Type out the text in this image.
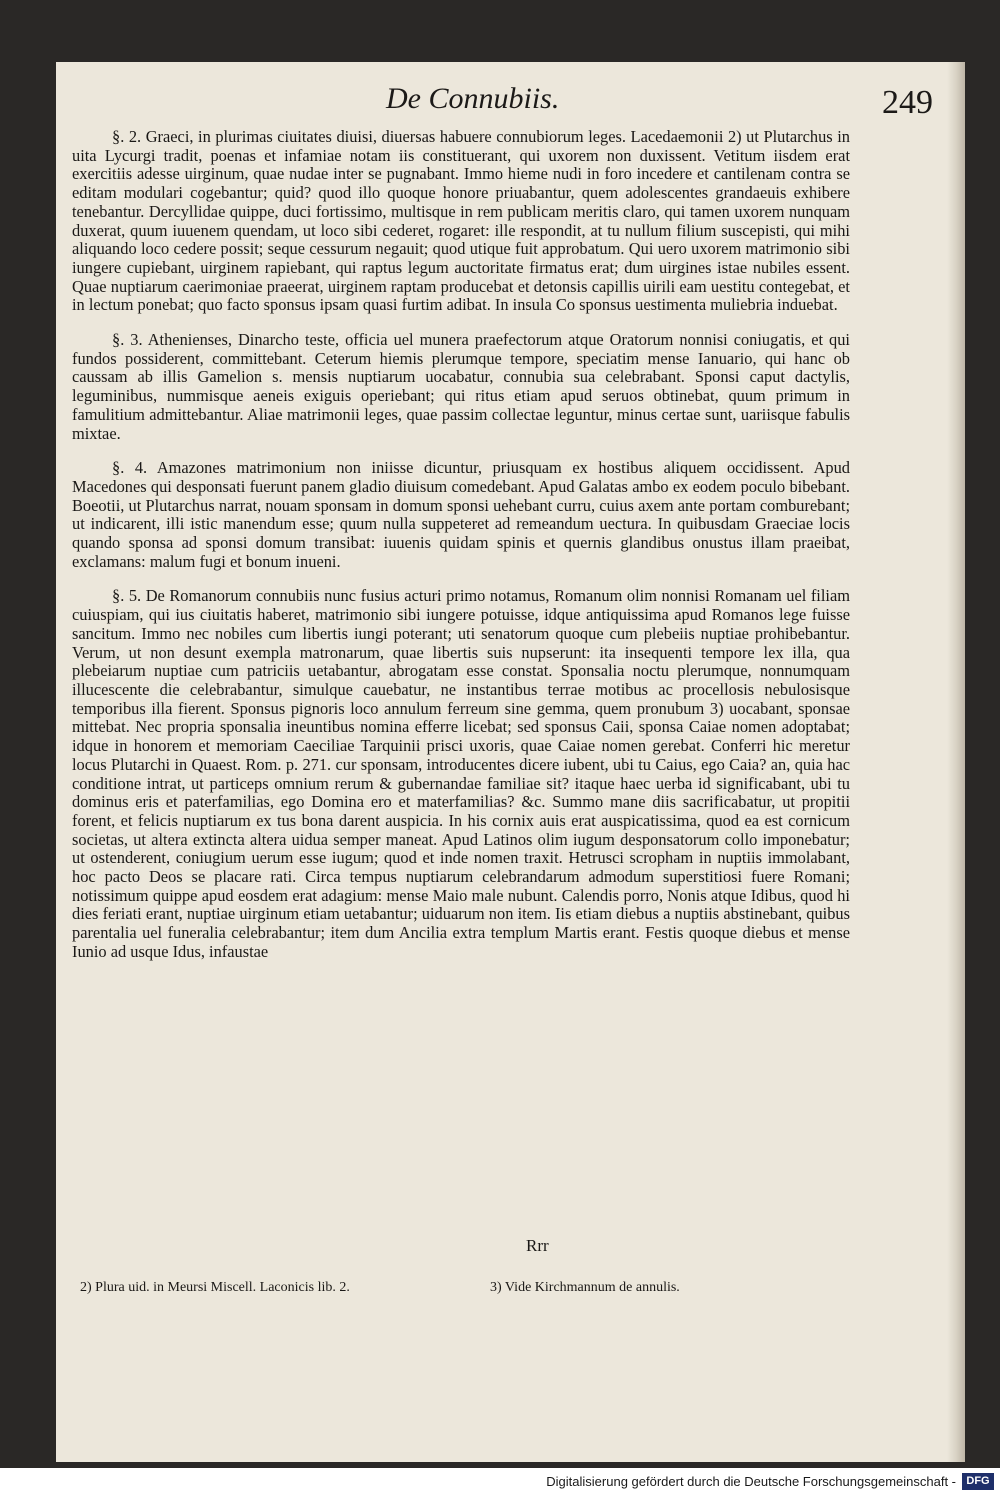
De Connubiis.	249

§. 2. Graeci, in plurimas ciuitates diuisi, diuersas habuere connubiorum leges. Lacedaemonii 2) ut Plutarchus in uita Lycurgi tradit, poenas et infamiae notam iis constituerant, qui uxorem non duxissent. Vetitum iisdem erat exercitiis adesse uirginum, quae nudae inter se pugnabant. Immo hieme nudi in foro incedere et cantilenam contra se editam modulari cogebantur; quid? quod illo quoque honore priuabantur, quem adolescentes grandaeuis exhibere tenebantur. Dercyllidae quippe, duci fortissimo, multisque in rem publicam meritis claro, qui tamen uxorem nunquam duxerat, quum iuuenem quendam, ut loco sibi cederet, rogaret: ille respondit, at tu nullum filium suscepisti, qui mihi aliquando loco cedere possit; seque cessurum negauit; quod utique fuit approbatum. Qui uero uxorem matrimonio sibi iungere cupiebant, uirginem rapiebant, qui raptus legum auctoritate firmatus erat; dum uirgines istae nubiles essent. Quae nuptiarum caerimoniae praeerat, uirginem raptam producebat et detonsis capillis uirili eam uestitu contegebat, et in lectum ponebat; quo facto sponsus ipsam quasi furtim adibat. In insula Co sponsus uestimenta muliebria induebat.

§. 3. Athenienses, Dinarcho teste, officia uel munera praefectorum atque Oratorum nonnisi coniugatis, et qui fundos possiderent, committebant. Ceterum hiemis plerumque tempore, speciatim mense Ianuario, qui hanc ob caussam ab illis Gamelion s. mensis nuptiarum uocabatur, connubia sua celebrabant. Sponsi caput dactylis, leguminibus, nummisque aeneis exiguis operiebant; qui ritus etiam apud seruos obtinebat, quum primum in famulitium admittebantur. Aliae matrimonii leges, quae passim collectae leguntur, minus certae sunt, uariisque fabulis mixtae.

§. 4. Amazones matrimonium non iniisse dicuntur, priusquam ex hostibus aliquem occidissent. Apud Macedones qui desponsati fuerunt panem gladio diuisum comedebant. Apud Galatas ambo ex eodem poculo bibebant. Boeotii, ut Plutarchus narrat, nouam sponsam in domum sponsi uehebant curru, cuius axem ante portam comburebant; ut indicarent, illi istic manendum esse; quum nulla suppeteret ad remeandum uectura. In quibusdam Graeciae locis quando sponsa ad sponsi domum transibat: iuuenis quidam spinis et quernis glandibus onustus illam praeibat, exclamans: malum fugi et bonum inueni.

§. 5. De Romanorum connubiis nunc fusius acturi primo notamus, Romanum olim nonnisi Romanam uel filiam cuiuspiam, qui ius ciuitatis haberet, matrimonio sibi iungere potuisse, idque antiquissima apud Romanos lege fuisse sancitum. Immo nec nobiles cum libertis iungi poterant; uti senatorum quoque cum plebeiis nuptiae prohibebantur. Verum, ut non desunt exempla matronarum, quae libertis suis nupserunt: ita insequenti tempore lex illa, qua plebeiarum nuptiae cum patriciis uetabantur, abrogatam esse constat. Sponsalia noctu plerumque, nonnumquam illucescente die celebrabantur, simulque cauebatur, ne instantibus terrae motibus ac procellosis nebulosisque temporibus illa fierent. Sponsus pignoris loco annulum ferreum sine gemma, quem pronubum 3) uocabant, sponsae mittebat. Nec propria sponsalia ineuntibus nomina efferre licebat; sed sponsus Caii, sponsa Caiae nomen adoptabat; idque in honorem et memoriam Caeciliae Tarquinii prisci uxoris, quae Caiae nomen gerebat. Conferri hic meretur locus Plutarchi in Quaest. Rom. p. 271. cur sponsam, introducentes dicere iubent, ubi tu Caius, ego Caia? an, quia hac conditione intrat, ut particeps omnium rerum & gubernandae familiae sit? itaque haec uerba id significabant, ubi tu dominus eris et paterfamilias, ego Domina ero et materfamilias? &c. Summo mane diis sacrificabatur, ut propitii forent, et felicis nuptiarum ex tus bona darent auspicia. In his cornix auis erat auspicatissima, quod ea est cornicum societas, ut altera extincta altera uidua semper maneat. Apud Latinos olim iugum desponsatorum collo imponebatur; ut ostenderent, coniugium uerum esse iugum; quod et inde nomen traxit. Hetrusci scropham in nuptiis immolabant, hoc pacto Deos se placare rati. Circa tempus nuptiarum celebrandarum admodum superstitiosi fuere Romani; notissimum quippe apud eosdem erat adagium: mense Maio male nubunt. Calendis porro, Nonis atque Idibus, quod hi dies feriati erant, nuptiae uirginum etiam uetabantur; uiduarum non item. Iis etiam diebus a nuptiis abstinebant, quibus parentalia uel funeralia celebrabantur; item dum Ancilia extra templum Martis erant. Festis quoque diebus et mense Iunio ad usque Idus, infaustae

Rrr
2) Plura uid. in Meursi Miscell. Laconicis lib. 2.	3) Vide Kirchmannum de annulis.
Digitalisierung gefördert durch die Deutsche Forschungsgemeinschaft - DFG
